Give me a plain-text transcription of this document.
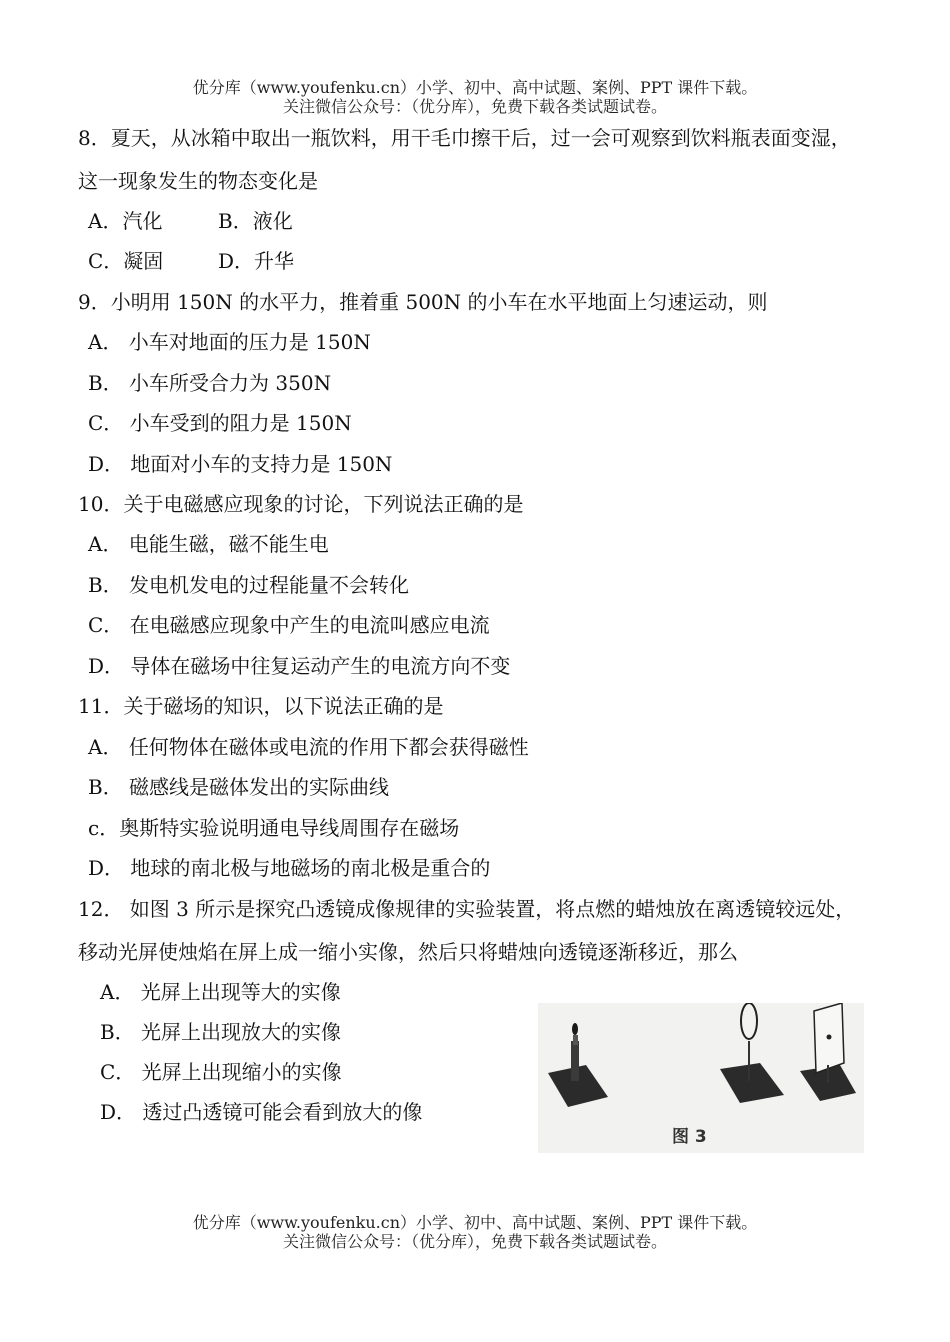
优分库（www.youfenku.cn）小学、初中、高中试题、案例、PPT 课件下载。
关注微信公众号：（优分库），免费下载各类试题试卷。
8．夏天，从冰箱中取出一瓶饮料，用干毛巾擦干后，过一会可观察到饮料瓶表面变湿，
这一现象发生的物态变化是
A．汽化	B．液化
C．凝固	D．升华
9．小明用 150N 的水平力，推着重 500N 的小车在水平地面上匀速运动，则
A． 小车对地面的压力是 150N
B． 小车所受合力为 350N
C． 小车受到的阻力是 150N
D． 地面对小车的支持力是 150N
10．关于电磁感应现象的讨论，下列说法正确的是
A． 电能生磁，磁不能生电
B． 发电机发电的过程能量不会转化
C． 在电磁感应现象中产生的电流叫感应电流
D． 导体在磁场中往复运动产生的电流方向不变
11．关于磁场的知识，以下说法正确的是
A． 任何物体在磁体或电流的作用下都会获得磁性
B． 磁感线是磁体发出的实际曲线
c．奥斯特实验说明通电导线周围存在磁场
D． 地球的南北极与地磁场的南北极是重合的
12． 如图 3 所示是探究凸透镜成像规律的实验装置，将点燃的蜡烛放在离透镜较远处，
移动光屏使烛焰在屏上成一缩小实像，然后只将蜡烛向透镜逐渐移近，那么
A． 光屏上出现等大的实像
B． 光屏上出现放大的实像
C． 光屏上出现缩小的实像
D． 透过凸透镜可能会看到放大的像
图 3
优分库（www.youfenku.cn）小学、初中、高中试题、案例、PPT 课件下载。
关注微信公众号：（优分库），免费下载各类试题试卷。
